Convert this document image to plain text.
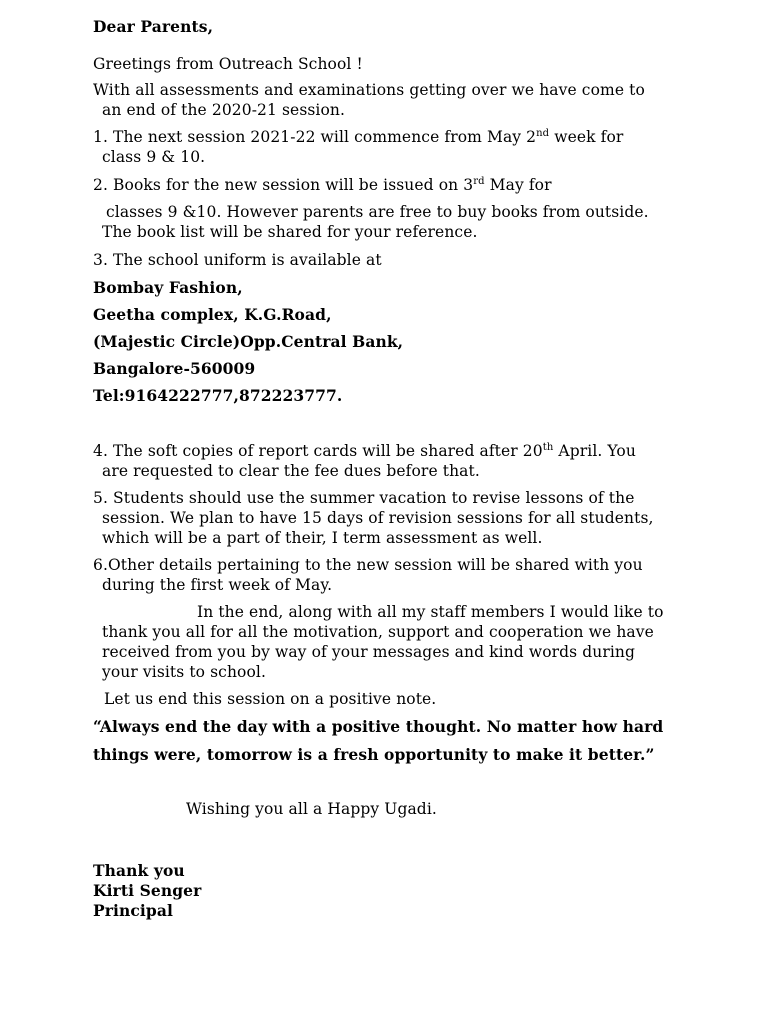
Dear Parents,
Greetings from Outreach School !
With all assessments and examinations getting over we have come to
an end of the 2020-21 session.
1. The next session 2021-22 will commence from May 2nd week for
class 9 & 10.
2. Books for the new session will be issued on 3rd May for
classes 9 &10. However parents are free to buy books from outside.
The book list will be shared for your reference.
3. The school uniform is available at
Bombay Fashion,
Geetha complex, K.G.Road,
(Majestic Circle)Opp.Central Bank,
Bangalore-560009
Tel:9164222777,872223777.
4. The soft copies of report cards will be shared after 20th April. You
are requested to clear the fee dues before that.
5. Students should use the summer vacation to revise lessons of the
session. We plan to have 15 days of revision sessions for all students,
which will be a part of their, I term assessment as well.
6.Other details pertaining to the new session will be shared with you
during the first week of May.
In the end, along with all my staff members I would like to
thank you all for all the motivation, support and cooperation we have
received from you by way of your messages and kind words during
your visits to school.
Let us end this session on a positive note.
“Always end the day with a positive thought. No matter how hard
things were, tomorrow is a fresh opportunity to make it better.”
Wishing you all a Happy Ugadi.
Thank you
Kirti Senger
Principal
